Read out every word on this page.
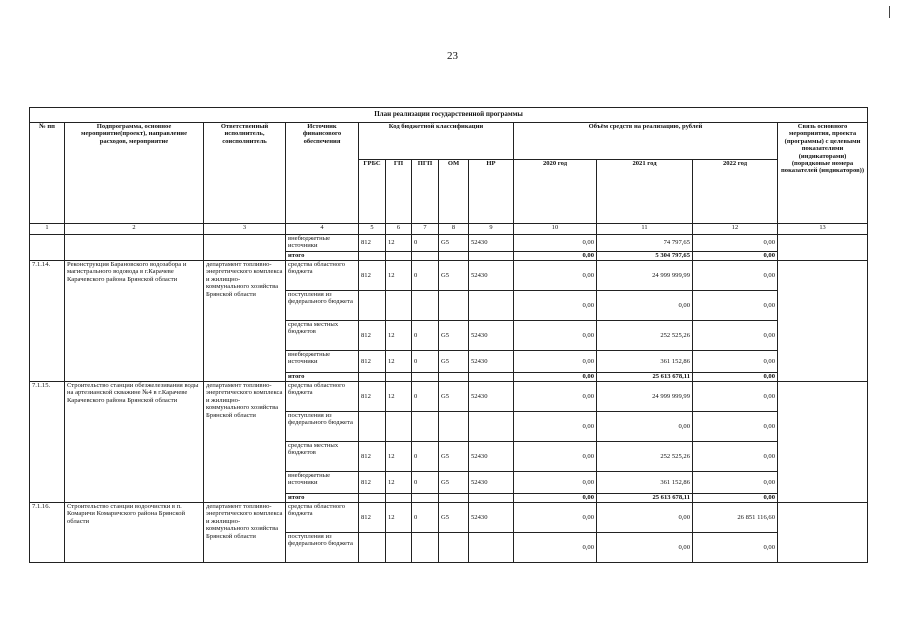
23
План реализации государственной программы												
№ пп	Подпрограмма, основное мероприятие(проект), направление расходов, мероприятие	Ответственный исполнитель, соисполнитель	Источник финансового обеспечения	Код бюджетной классификации					Объём средств на реализацию, рублей			Связь основного мероприятия, проекта (программы) с целевыми показателями (индикаторами) (порядковые номера показателей (индикаторов))
				ГРБС	ГП	ПГП	ОМ	НР	2020 год	2021 год	2022 год	
1	2	3	4	5	6	7	8	9	10	11	12	13
			внебюджетные источники	812	12	0	G5	52430	0,00	74 797,65	0,00	
			итого						0,00	5 304 797,65	0,00	
7.1.14.	Реконструкция Барановского водозабора и магистрального водовода в г.Карачеве Карачевского района Брянской области	департамент топливно-энергетического комплекса и жилищно-коммунального хозяйства Брянской области	средства областного бюджета	812	12	0	G5	52430	0,00	24 999 999,99	0,00	
			поступления из федерального бюджета						0,00	0,00	0,00	
			средства местных бюджетов	812	12	0	G5	52430	0,00	252 525,26	0,00	
			внебюджетные источники	812	12	0	G5	52430	0,00	361 152,86	0,00	
			итого						0,00	25 613 678,11	0,00	
7.1.15.	Строительство станции обезжелезивания воды на артезианской скважине №4 в г.Карачеве Карачевского района Брянской области	департамент топливно-энергетического комплекса и жилищно-коммунального хозяйства Брянской области	средства областного бюджета	812	12	0	G5	52430	0,00	24 999 999,99	0,00	
			поступления из федерального бюджета						0,00	0,00	0,00	
			средства местных бюджетов	812	12	0	G5	52430	0,00	252 525,26	0,00	
			внебюджетные источники	812	12	0	G5	52430	0,00	361 152,86	0,00	
			итого						0,00	25 613 678,11	0,00	
7.1.16.	Строительство станции водоочистки в п. Комаричи Комаричского района Брянской области	департамент топливно-энергетического комплекса и жилищно-коммунального хозяйства Брянской области	средства областного бюджета	812	12	0	G5	52430	0,00	0,00	26 851 116,60	
			поступления из федерального бюджета						0,00	0,00	0,00	
